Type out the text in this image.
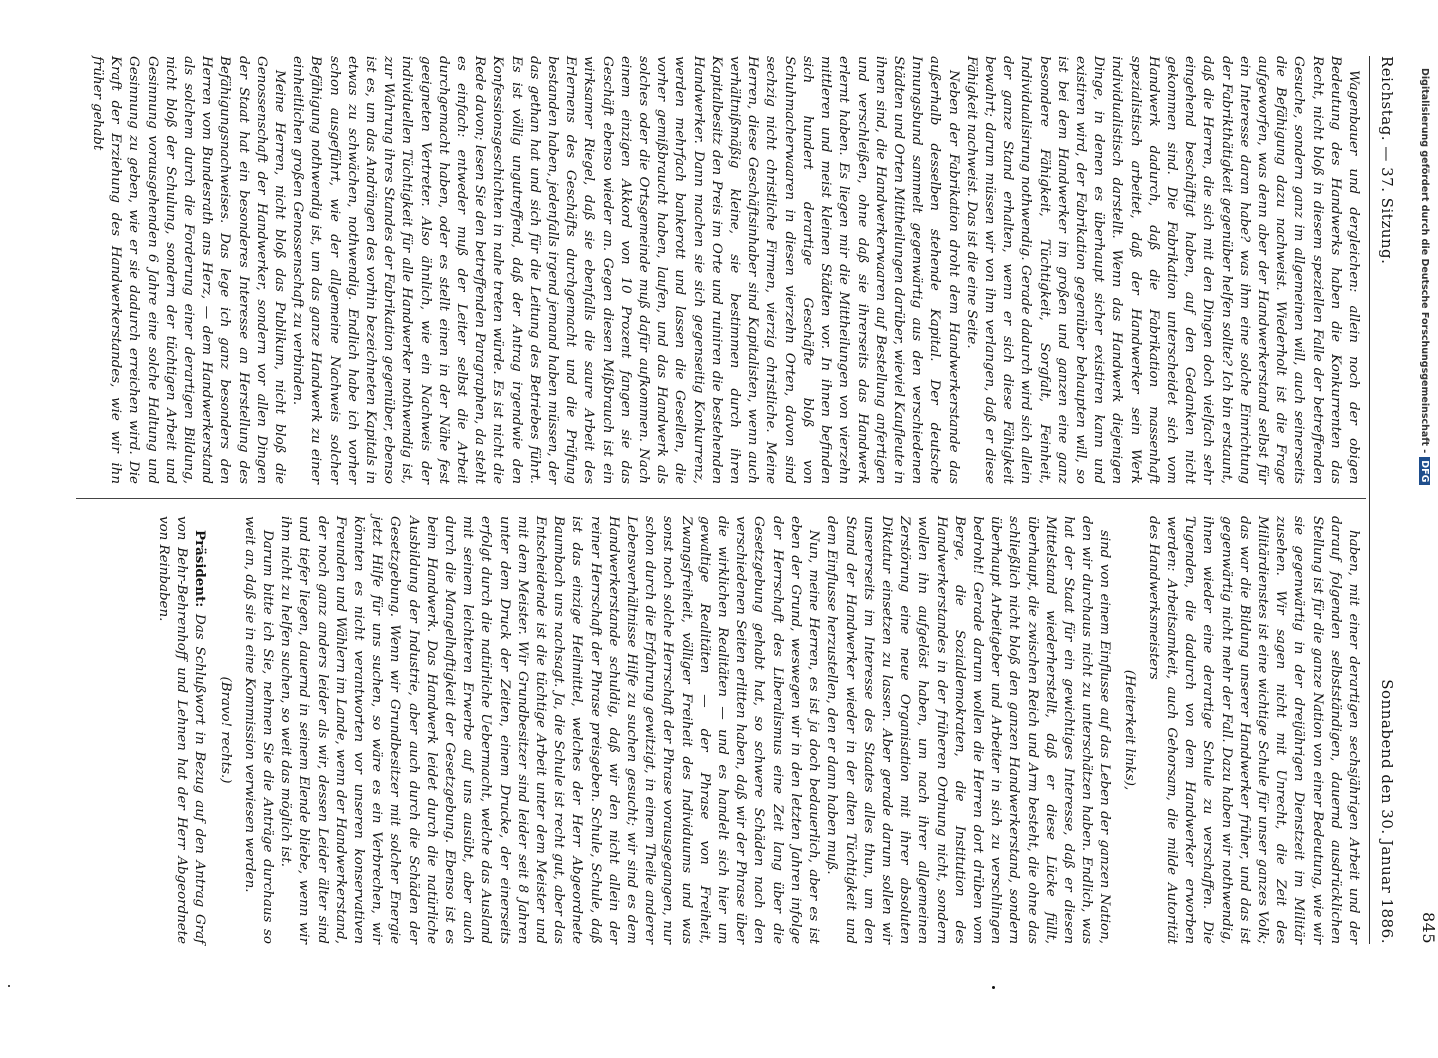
Reichstag. — 37. Sitzung.
Sonnabend den 30. Januar 1886. 845

Wagenbauer und dergleichen: allein noch der obigen Bedeutung des Handwerks haben die Konkurrenten das Recht, nicht bloß in diesem speziellen Falle der betreffenden Gesuche, sondern ganz im allgemeinen will, auch seinerseits die Befähigung dazu nachweist. Wiederholt ist die Frage aufgeworfen, was denn aber der Handwerkerstand selbst für ein Interesse daran habe? was ihm eine solche Einrichtung der Fabrikthätigkeit gegenüber helfen sollte? Ich bin erstaunt, daß die Herren, die sich mit den Dingen doch vielfach sehr eingehend beschäftigt haben, auf den Gedanken nicht gekommen sind. Die Fabrikation unterscheidet sich vom Handwerk dadurch, daß die Fabrikation massenhaft spezialistisch arbeitet, daß der Handwerker sein Werk individualistisch darstellt. Wenn das Handwerk diejenigen Dinge, in denen es überhaupt sicher existiren kann und existiren wird, der Fabrikation gegenüber behaupten will, so ist bei dem Handwerker im großen und ganzen eine ganz besondere Fähigkeit, Tüchtigkeit, Sorgfalt, Feinheit, Individualisirung nothwendig. Gerade dadurch wird sich allein der ganze Stand erhalten, wenn er sich diese Fähigkeit bewahrt; darum müssen wir von ihm verlangen, daß er diese Fähigkeit nachweist. Das ist die eine Seite.

Neben der Fabrikation droht dem Handwerkerstande das außerhalb desselben stehende Kapital. Der deutsche Innungsbund sammelt gegenwärtig aus den verschiedenen Städten und Orten Mittheilungen darüber, wieviel Kaufleute in ihnen sind, die Handwerkerwaaren auf Bestellung anfertigen und verschleißen, ohne daß sie ihrerseits das Handwerk erlernt haben. Es liegen mir die Mittheilungen von vierzehn mittleren und meist kleinen Städten vor. In ihnen befinden sich hundert derartige Geschäfte bloß von Schuhmacherwaaren in diesen vierzehn Orten, davon sind sechzig nicht christliche Firmen, vierzig christliche. Meine Herren, diese Geschäftsinhaber sind Kapitalisten, wenn auch verhältnißmäßig kleine, sie bestimmen durch ihren Kapitalbesitz den Preis im Orte und ruiniren die bestehenden Handwerker. Dann machen sie sich gegenseitig Konkurrenz, werden mehrfach bankerott und lassen die Gesellen, die vorher gemißbraucht haben, laufen, und das Handwerk als solches oder die Ortsgemeinde muß dafür aufkommen. Nach einem einzigen Akkord von 10 Prozent fangen sie das Geschäft ebenso wieder an. Gegen diesen Mißbrauch ist ein wirksamer Riegel, daß sie ebenfalls die saure Arbeit des Erlernens des Geschäfts durchgemacht und die Prüfung bestanden haben, jedenfalls irgend jemand haben müssen, der das gethan hat und sich für die Leitung des Betriebes führt. Es ist völlig ungutreffend, daß der Antrag irgendwie den Konfessionsgeschichten in nahe treten würde. Es ist nicht die Rede davon; lesen Sie den betreffenden Paragraphen, da steht es einfach: entweder muß der Leiter selbst die Arbeit durchgemacht haben, oder es stellt einen in der Nähe fest geeigneten Vertreter. Also ähnlich, wie ein Nachweis der individuellen Tüchtigkeit für alle Handwerker nothwendig ist, zur Wahrung ihres Standes der Fabrikation gegenüber, ebenso ist es, um das Andrängen des vorhin bezeichneten Kapitals in etwas zu schwächen, nothwendig. Endlich habe ich vorher schon ausgeführt, wie der allgemeine Nachweis solcher Befähigung nothwendig ist, um das ganze Handwerk zu einer einheitlichen großen Genossenschaft zu verbinden.

Meine Herren, nicht bloß das Publikum, nicht bloß die Genossenschaft der Handwerker, sondern vor allen Dingen der Staat hat ein besonderes Interesse an Herstellung des Befähigungsnachweises. Das lege ich ganz besonders den Herren vom Bundesrath ans Herz, — dem Handwerkerstand als solchem durch die Forderung einer derartigen Bildung, nicht bloß der Schulung, sondern der tüchtigen Arbeit und Gesinnung vorausgehenden 6 Jahre eine solche Haltung und Gesinnung zu geben, wie er sie dadurch erreichen wird. Die Kraft der Erziehung des Handwerkerstandes, wie wir ihn früher gehabt

haben, mit einer derartigen sechsjährigen Arbeit und der darauf folgenden selbstständigen, dauernd ausdrücklichen Stellung ist für die ganze Nation von einer Bedeutung, wie wir sie gegenwärtig in der dreijährigen Dienstzeit im Militär zusehen. Wir sagen nicht mit Unrecht, die Zeit des Militärdienstes ist eine wichtige Schule für unser ganzes Volk; das war die Bildung unserer Handwerker früher, und das ist gegenwärtig nicht mehr der Fall. Dazu haben wir nothwendig, ihnen wieder eine derartige Schule zu verschaffen. Die Tugenden, die dadurch von dem Handwerker erworben werden: Arbeitsamkeit, auch Gehorsam, die milde Autorität des Handwerksmeisters

(Heiterkeit links),

sind von einem Einflusse auf das Leben der ganzen Nation, den wir durchaus nicht zu unterschätzen haben. Endlich, was hat der Staat für ein gewichtiges Interesse, daß er diesen Mittelstand wiederherstellt, daß er diese Lücke füllt, überhaupt, die zwischen Reich und Arm besteht, die ohne das schließlich nicht bloß den ganzen Handwerkerstand, sondern überhaupt Arbeitgeber und Arbeiter in sich zu verschlingen bedroht! Gerade darum wollen die Herren dort drüben vom Berge, die Sozialdemokraten, die Institution des Handwerkerstandes in der früheren Ordnung nicht, sondern wollen ihn aufgelöst haben, um nach ihrer allgemeinen Zerstörung eine neue Organisation mit ihrer absoluten Diktatur einsetzen zu lassen. Aber gerade darum sollen wir unsererseits im Interesse des Staates alles thun, um den Stand der Handwerker wieder in der alten Tüchtigkeit und dem Einflusse herzustellen, den er dann haben muß.

Nun, meine Herren, es ist ja doch bedauerlich, aber es ist eben der Grund, weswegen wir in den letzten Jahren infolge der Herrschaft des Liberalismus eine Zeit lang über die Gesetzgebung gehabt hat, so schwere Schäden nach den verschiedenen Seiten erlitten haben, daß wir der Phrase über die wirklichen Realitäten — und es handelt sich hier um gewaltige Realitäten — der Phrase von Freiheit, Zwangsfreiheit, völliger Freiheit des Individuums und was sonst noch solche Herrschaft der Phrase vorausgegangen, nur schon durch die Erfahrung gewitzigt, in einem Theile anderer Lebensverhältnisse Hilfe zu suchen gesucht; wir sind es dem Handwerkerstande schuldig, daß wir den nicht allein der reiner Herrschaft der Phrase preisgeben. Schule, Schule, daß ist das einzige Heilmittel, welches der Herr Abgeordnete Baumbach uns nachsagt. Ja, die Schule ist recht gut, aber das Entscheidende ist die tüchtige Arbeit unter dem Meister und mit dem Meister. Wir Grundbesitzer sind leider seit 8 Jahren unter dem Druck der Zeiten, einem Drucke, der einerseits erfolgt durch die natürliche Uebermacht, welche das Ausland mit seinem leichteren Erwerbe auf uns ausübt, aber auch durch die Mangelhaftigkeit der Gesetzgebung. Ebenso ist es beim Handwerk. Das Handwerk leidet durch die natürliche Ausbildung der Industrie, aber auch durch die Schäden der Gesetzgebung. Wenn wir Grundbesitzer mit solcher Energie jetzt Hilfe für uns suchen, so wäre es ein Verbrechen, wir könnten es nicht verantworten vor unseren konservativen Freunden und Wählern im Lande, wenn der Handwerkerstand, der noch ganz anders leider als wir, dessen Leider älter sind und tiefer liegen, dauernd in seinem Elende bliebe, wenn wir ihm nicht zu helfen suchen, so weit das möglich ist.

Darum bitte ich Sie, nehmen Sie die Anträge durchaus so weit an, daß sie in eine Kommission verwiesen werden.

(Bravo! rechts.)

Präsident: Das Schlußwort in Bezug auf den Antrag Graf von Behr-Behrenhoff und Lehnen hat der Herr Abgeordnete von Reinbaben.

Digitalisierung gefördert durch die Deutsche Forschungsgemeinschaft -DFG
